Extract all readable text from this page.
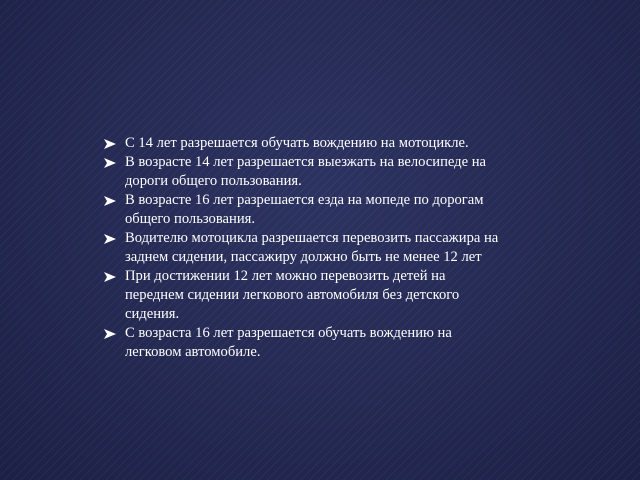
С 14 лет разрешается обучать вождению на мотоцикле.
В возрасте 14 лет разрешается выезжать на велосипеде на дороги общего пользования.
В возрасте 16 лет разрешается езда на мопеде по дорогам общего пользования.
Водителю мотоцикла разрешается перевозить пассажира на заднем сидении, пассажиру должно быть не менее 12 лет
При достижении 12 лет можно перевозить детей на переднем сидении легкового автомобиля без детского сидения.
С возраста 16 лет разрешается обучать вождению на легковом автомобиле.
